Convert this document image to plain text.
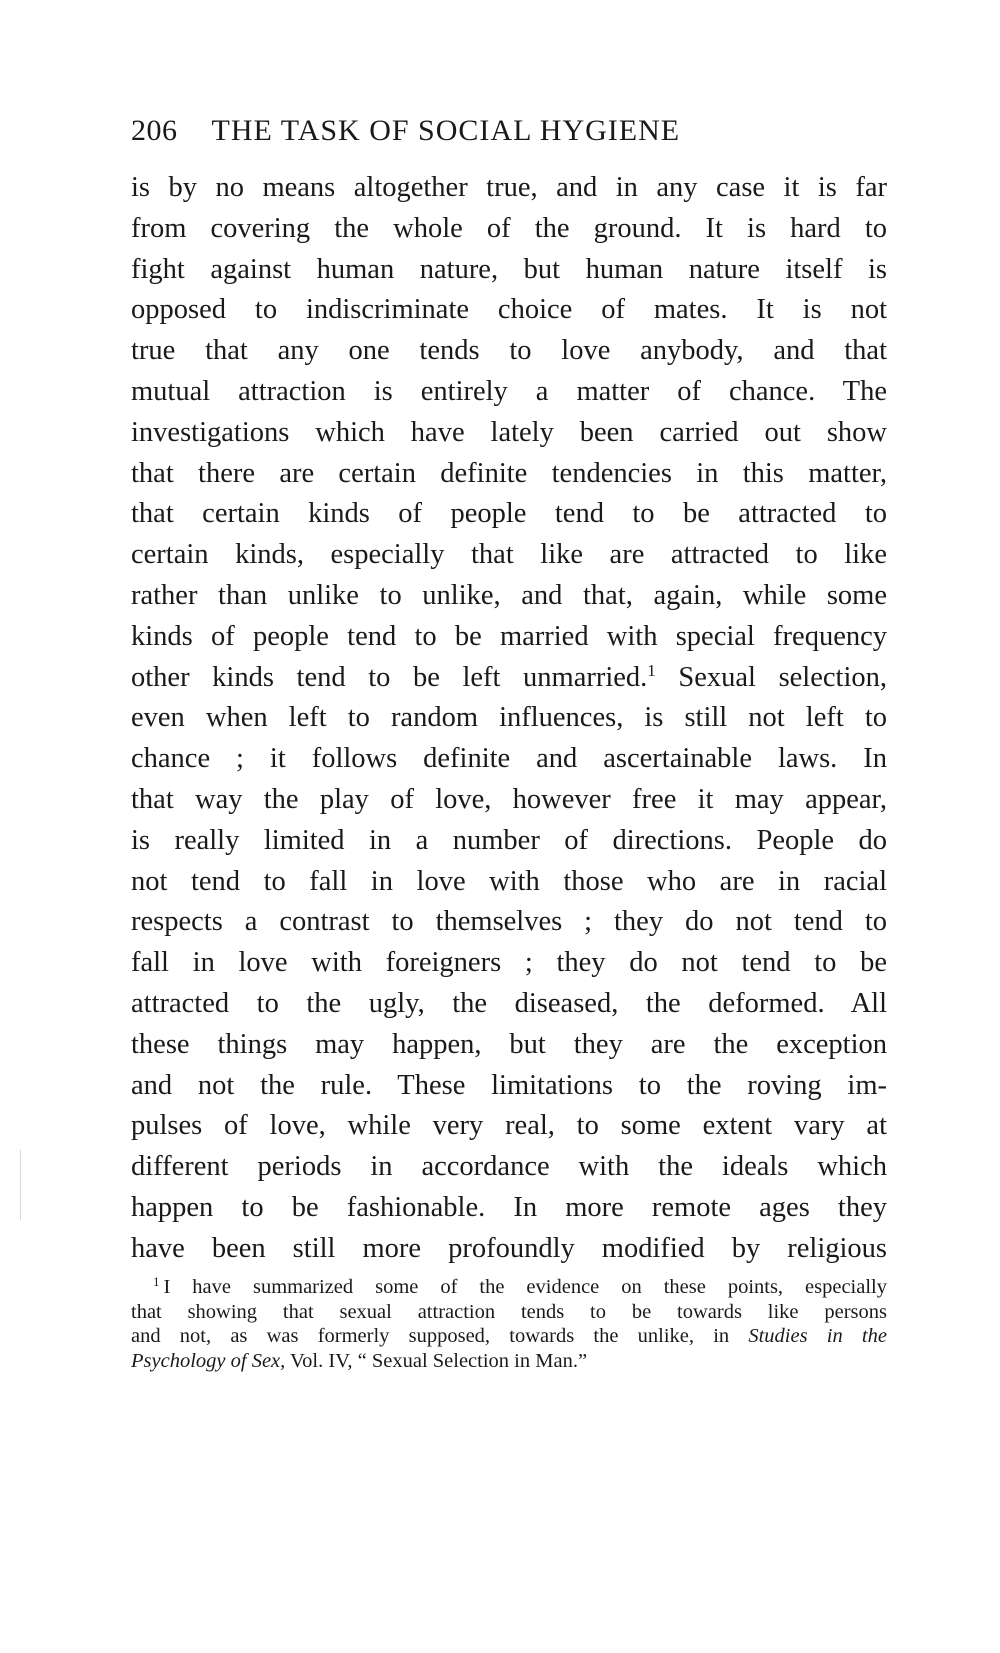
206 THE TASK OF SOCIAL HYGIENE
is by no means altogether true, and in any case it is far
from covering the whole of the ground. It is hard to
fight against human nature, but human nature itself is
opposed to indiscriminate choice of mates. It is not
true that any one tends to love anybody, and that
mutual attraction is entirely a matter of chance. The
investigations which have lately been carried out show
that there are certain definite tendencies in this matter,
that certain kinds of people tend to be attracted to
certain kinds, especially that like are attracted to like
rather than unlike to unlike, and that, again, while some
kinds of people tend to be married with special frequency
other kinds tend to be left unmarried.$^1$ Sexual selection,
even when left to random influences, is still not left to
chance ; it follows definite and ascertainable laws. In
that way the play of love, however free it may appear,
is really limited in a number of directions. People do
not tend to fall in love with those who are in racial
respects a contrast to themselves ; they do not tend to
fall in love with foreigners ; they do not tend to be
attracted to the ugly, the diseased, the deformed. All
these things may happen, but they are the exception
and not the rule. These limitations to the roving im-
pulses of love, while very real, to some extent vary at
different periods in accordance with the ideals which
happen to be fashionable. In more remote ages they
have been still more profoundly modified by religious
$^1$ I have summarized some of the evidence on these points, especially
that showing that sexual attraction tends to be towards like persons
and not, as was formerly supposed, towards the unlike, in Studies in the
Psychology of Sex, Vol. IV, “ Sexual Selection in Man.”
